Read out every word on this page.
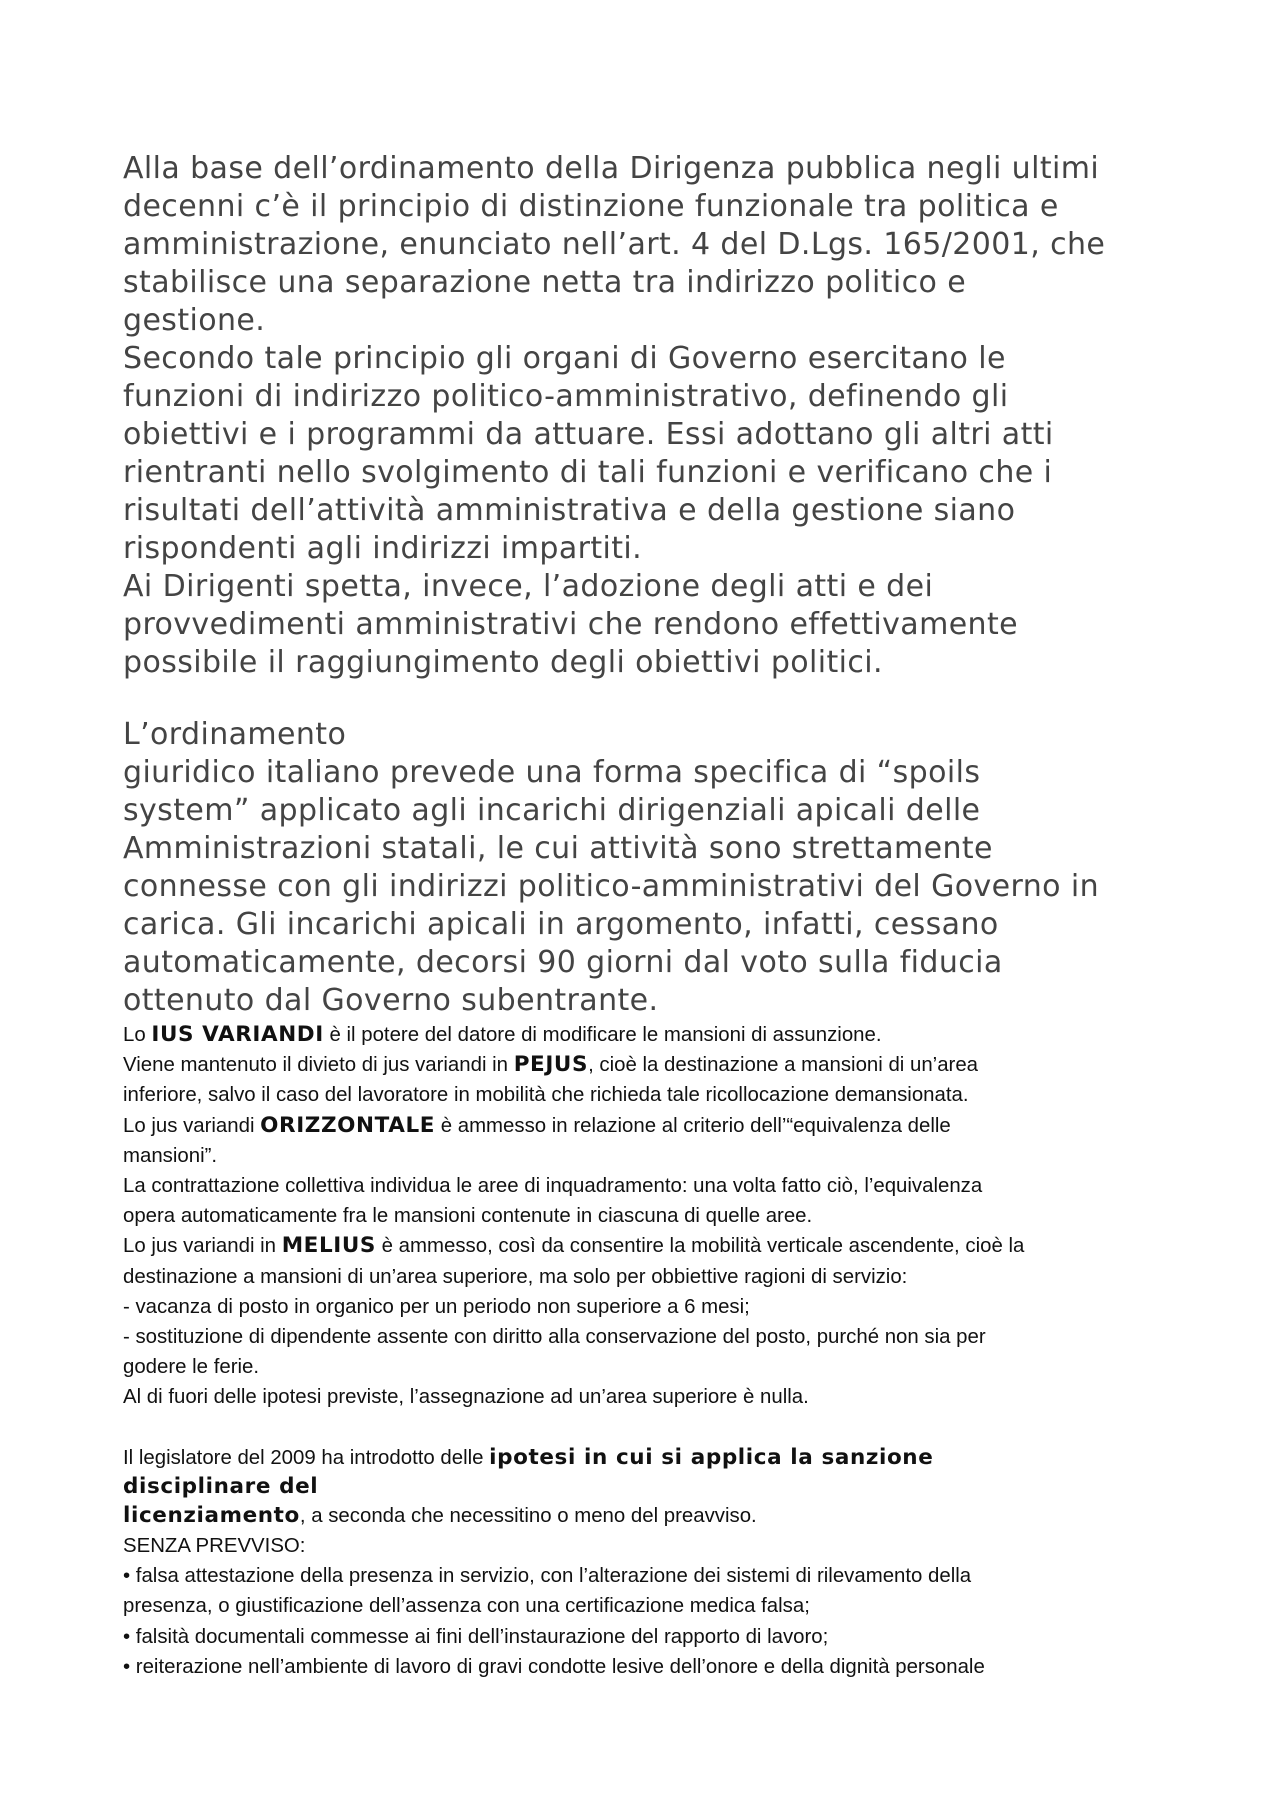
Alla base dell’ordinamento della Dirigenza pubblica negli ultimi
decenni c’è il principio di distinzione funzionale tra politica e
amministrazione, enunciato nell’art. 4 del D.Lgs. 165/2001, che
stabilisce una separazione netta tra indirizzo politico e
gestione.
Secondo tale principio gli organi di Governo esercitano le
funzioni di indirizzo politico-amministrativo, definendo gli
obiettivi e i programmi da attuare. Essi adottano gli altri atti
rientranti nello svolgimento di tali funzioni e verificano che i
risultati dell’attività amministrativa e della gestione siano
rispondenti agli indirizzi impartiti.
Ai Dirigenti spetta, invece, l’adozione degli atti e dei
provvedimenti amministrativi che rendono effettivamente
possibile il raggiungimento degli obiettivi politici.
L’ordinamento
giuridico italiano prevede una forma specifica di “spoils
system” applicato agli incarichi dirigenziali apicali delle
Amministrazioni statali, le cui attività sono strettamente
connesse con gli indirizzi politico-amministrativi del Governo in
carica. Gli incarichi apicali in argomento, infatti, cessano
automaticamente, decorsi 90 giorni dal voto sulla fiducia
ottenuto dal Governo subentrante.
Lo IUS VARIANDI è il potere del datore di modificare le mansioni di assunzione.
Viene mantenuto il divieto di jus variandi in PEJUS, cioè la destinazione a mansioni di un’area
inferiore, salvo il caso del lavoratore in mobilità che richieda tale ricollocazione demansionata.
Lo jus variandi ORIZZONTALE è ammesso in relazione al criterio dell’“equivalenza delle
mansioni”.
La contrattazione collettiva individua le aree di inquadramento: una volta fatto ciò, l’equivalenza
opera automaticamente fra le mansioni contenute in ciascuna di quelle aree.
Lo jus variandi in MELIUS è ammesso, così da consentire la mobilità verticale ascendente, cioè la
destinazione a mansioni di un’area superiore, ma solo per obbiettive ragioni di servizio:
- vacanza di posto in organico per un periodo non superiore a 6 mesi;
- sostituzione di dipendente assente con diritto alla conservazione del posto, purché non sia per
godere le ferie.
Al di fuori delle ipotesi previste, l’assegnazione ad un’area superiore è nulla.
Il legislatore del 2009 ha introdotto delle ipotesi in cui si applica la sanzione
disciplinare del
licenziamento, a seconda che necessitino o meno del preavviso.
SENZA PREVVISO:
• falsa attestazione della presenza in servizio, con l’alterazione dei sistemi di rilevamento della
presenza, o giustificazione dell’assenza con una certificazione medica falsa;
• falsità documentali commesse ai fini dell’instaurazione del rapporto di lavoro;
• reiterazione nell’ambiente di lavoro di gravi condotte lesive dell’onore e della dignità personale
